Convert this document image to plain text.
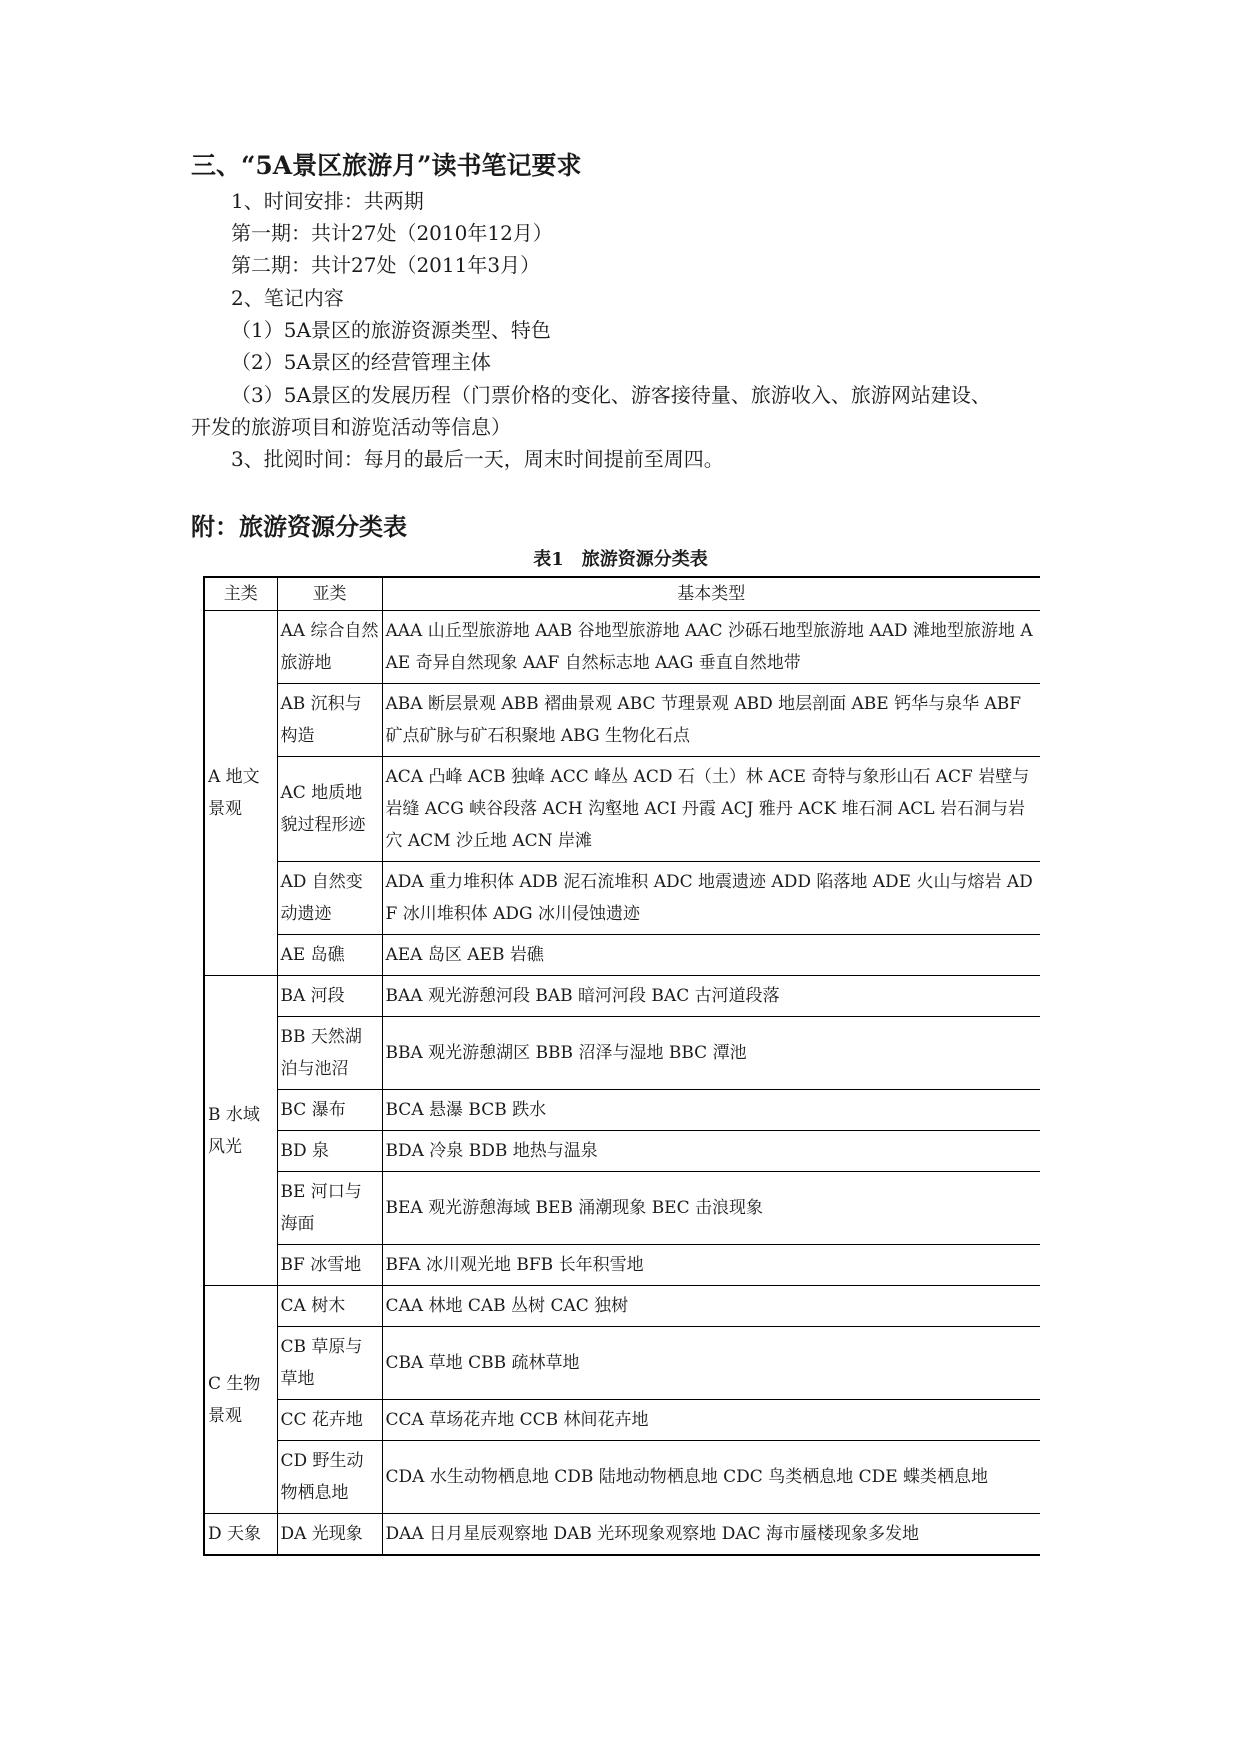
三、“5A景区旅游月”读书笔记要求
1、时间安排：共两期
第一期：共计27处（2010年12月）
第二期：共计27处（2011年3月）
2、笔记内容
（1）5A景区的旅游资源类型、特色
（2）5A景区的经营管理主体
（3）5A景区的发展历程（门票价格的变化、游客接待量、旅游收入、旅游网站建设、
开发的旅游项目和游览活动等信息）
3、批阅时间：每月的最后一天，周末时间提前至周四。
附：旅游资源分类表
表1　旅游资源分类表
主类	亚类	基本类型
A 地文景观	AA 综合自然旅游地	AAA 山丘型旅游地 AAB 谷地型旅游地 AAC 沙砾石地型旅游地 AAD 滩地型旅游地 AAE 奇异自然现象 AAF 自然标志地 AAG 垂直自然地带
	AB 沉积与构造	ABA 断层景观 ABB 褶曲景观 ABC 节理景观 ABD 地层剖面 ABE 钙华与泉华 ABF 矿点矿脉与矿石积聚地 ABG 生物化石点
	AC 地质地貌过程形迹	ACA 凸峰 ACB 独峰 ACC 峰丛 ACD 石（土）林 ACE 奇特与象形山石 ACF 岩壁与岩缝 ACG 峡谷段落 ACH 沟壑地 ACI 丹霞 ACJ 雅丹 ACK 堆石洞 ACL 岩石洞与岩穴 ACM 沙丘地 ACN 岸滩
	AD 自然变动遗迹	ADA 重力堆积体 ADB 泥石流堆积 ADC 地震遗迹 ADD 陷落地 ADE 火山与熔岩 ADF 冰川堆积体 ADG 冰川侵蚀遗迹
	AE 岛礁	AEA 岛区 AEB 岩礁
B 水域风光	BA 河段	BAA 观光游憩河段 BAB 暗河河段 BAC 古河道段落
	BB 天然湖泊与池沼	BBA 观光游憩湖区 BBB 沼泽与湿地 BBC 潭池
	BC 瀑布	BCA 悬瀑 BCB 跌水
	BD 泉	BDA 冷泉 BDB 地热与温泉
	BE 河口与海面	BEA 观光游憩海域 BEB 涌潮现象 BEC 击浪现象
	BF 冰雪地	BFA 冰川观光地 BFB 长年积雪地
C 生物景观	CA 树木	CAA 林地 CAB 丛树 CAC 独树
	CB 草原与草地	CBA 草地 CBB 疏林草地
	CC 花卉地	CCA 草场花卉地 CCB 林间花卉地
	CD 野生动物栖息地	CDA 水生动物栖息地 CDB 陆地动物栖息地 CDC 鸟类栖息地 CDE 蝶类栖息地
D 天象	DA 光现象	DAA 日月星辰观察地 DAB 光环现象观察地 DAC 海市蜃楼现象多发地
